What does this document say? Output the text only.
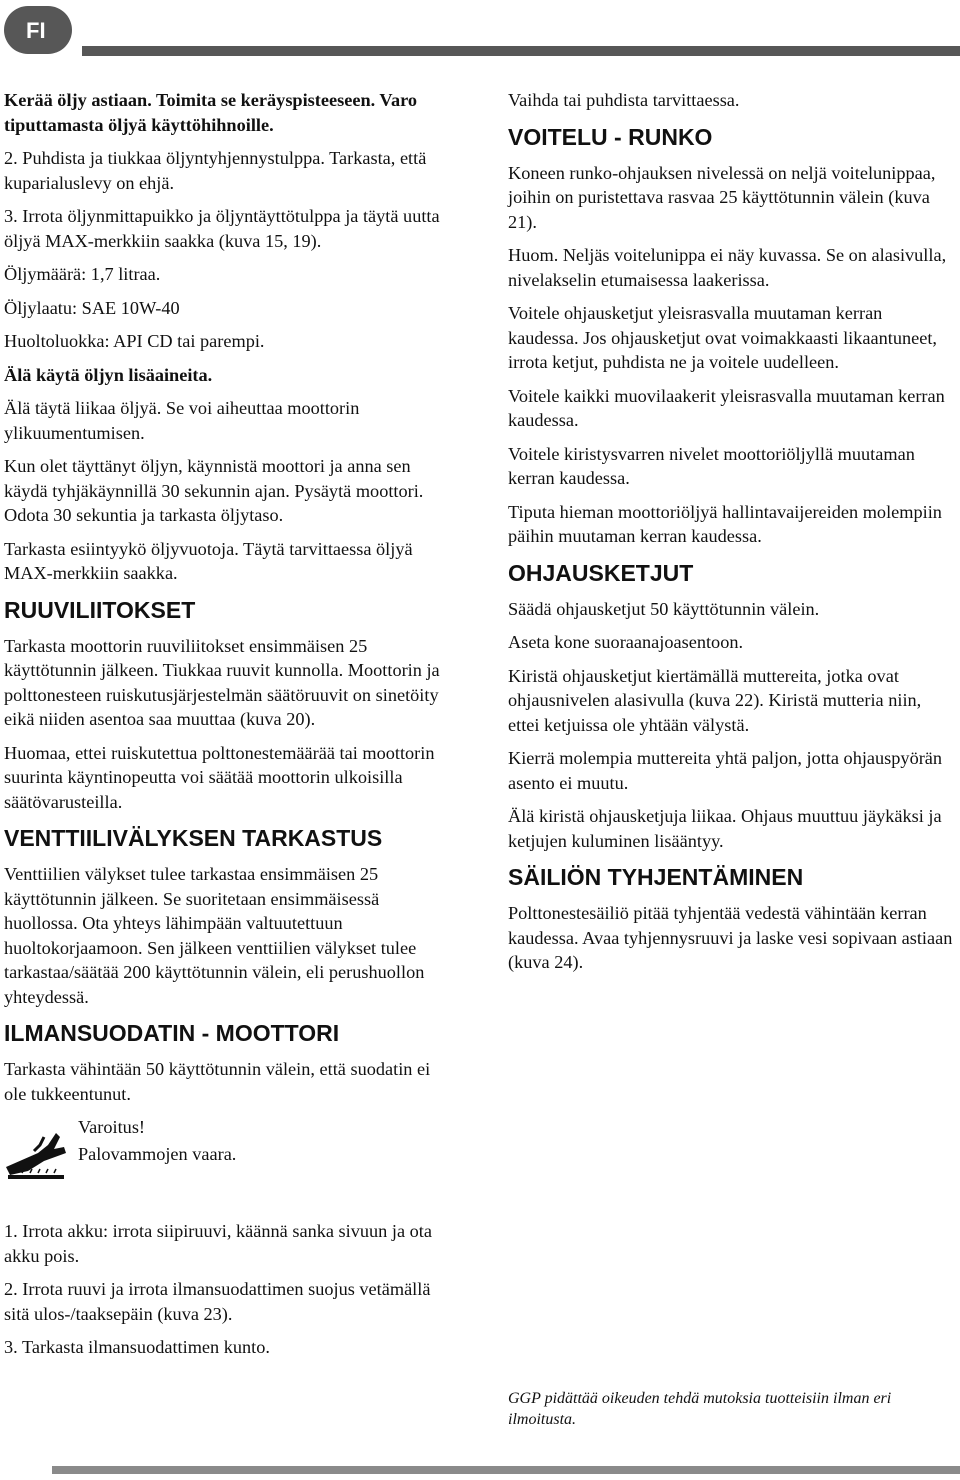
FI	SUOMI

Kerää öljy astiaan. Toimita se keräyspisteeseen. Varo tiputtamasta öljyä käyttöhihnoille.

2. Puhdista ja tiukkaa öljyntyhjennystulppa. Tarkasta, että kuparialuslevy on ehjä.

3. Irrota öljynmittapuikko ja öljyntäyttötulppa ja täytä uutta öljyä MAX-merkkiin saakka (kuva 15, 19).

Öljymäärä: 1,7 litraa.

Öljylaatu: SAE 10W-40

Huoltoluokka: API CD tai parempi.

Älä käytä öljyn lisäaineita.

Älä täytä liikaa öljyä. Se voi aiheuttaa moottorin ylikuumentumisen.

Kun olet täyttänyt öljyn, käynnistä moottori ja anna sen käydä tyhjäkäynnillä 30 sekunnin ajan. Pysäytä moottori. Odota 30 sekuntia ja tarkasta öljytaso.

Tarkasta esiintyykö öljyvuotoja. Täytä tarvittaessa öljyä MAX-merkkiin saakka.

RUUVILIITOKSET

Tarkasta moottorin ruuviliitokset ensimmäisen 25 käyttötunnin jälkeen. Tiukkaa ruuvit kunnolla. Moottorin ja polttonesteen ruiskutusjärjestelmän säätöruuvit on sinetöity eikä niiden asentoa saa muuttaa (kuva 20).

Huomaa, ettei ruiskutettua polttonestemäärää tai moottorin suurinta käyntinopeutta voi säätää moottorin ulkoisilla säätövarusteilla.

VENTTIILIVÄLYKSEN TARKASTUS

Venttiilien välykset tulee tarkastaa ensimmäisen 25 käyttötunnin jälkeen. Se suoritetaan ensimmäisessä huollossa. Ota yhteys lähimpään valtuutettuun huoltokorjaamoon. Sen jälkeen venttiilien välykset tulee tarkastaa/säätää 200 käyttötunnin välein, eli perushuollon yhteydessä.

ILMANSUODATIN - MOOTTORI

Tarkasta vähintään 50 käyttötunnin välein, että suodatin ei ole tukkeentunut.

Varoitus!

Palovammojen vaara.

1. Irrota akku: irrota siipiruuvi, käännä sanka sivuun ja ota akku pois.

2. Irrota ruuvi ja irrota ilmansuodattimen suojus vetämällä sitä ulos-/taaksepäin (kuva 23).

3. Tarkasta ilmansuodattimen kunto.

Vaihda tai puhdista tarvittaessa.

VOITELU - RUNKO

Koneen runko-ohjauksen nivelessä on neljä voitelunippaa, joihin on puristettava rasvaa 25 käyttötunnin välein (kuva 21).

Huom. Neljäs voitelunippa ei näy kuvassa. Se on alasivulla, nivelakselin etumaisessa laakerissa.

Voitele ohjausketjut yleisrasvalla muutaman kerran kaudessa. Jos ohjausketjut ovat voimakkaasti likaantuneet, irrota ketjut, puhdista ne ja voitele uudelleen.

Voitele kaikki muovilaakerit yleisrasvalla muutaman kerran kaudessa.

Voitele kiristysvarren nivelet moottoriöljyllä muutaman kerran kaudessa.

Tiputa hieman moottoriöljyä hallintavaijereiden molempiin päihin muutaman kerran kaudessa.

OHJAUSKETJUT

Säädä ohjausketjut 50 käyttötunnin välein.

Aseta kone suoraanajoasentoon.

Kiristä ohjausketjut kiertämällä muttereita, jotka ovat ohjausnivelen alasivulla (kuva 22). Kiristä mutteria niin, ettei ketjuissa ole yhtään välystä.

Kierrä molempia muttereita yhtä paljon, jotta ohjauspyörän asento ei muutu.

Älä kiristä ohjausketjuja liikaa. Ohjaus muuttuu jäykäksi ja ketjujen kuluminen lisääntyy.

SÄILIÖN TYHJENTÄMINEN

Polttonestesäiliö pitää tyhjentää vedestä vähintään kerran kaudessa. Avaa tyhjennysruuvi ja laske vesi sopivaan astiaan (kuva 24).

GGP pidättää oikeuden tehdä mutoksia tuotteisiin ilman eri ilmoitusta.
